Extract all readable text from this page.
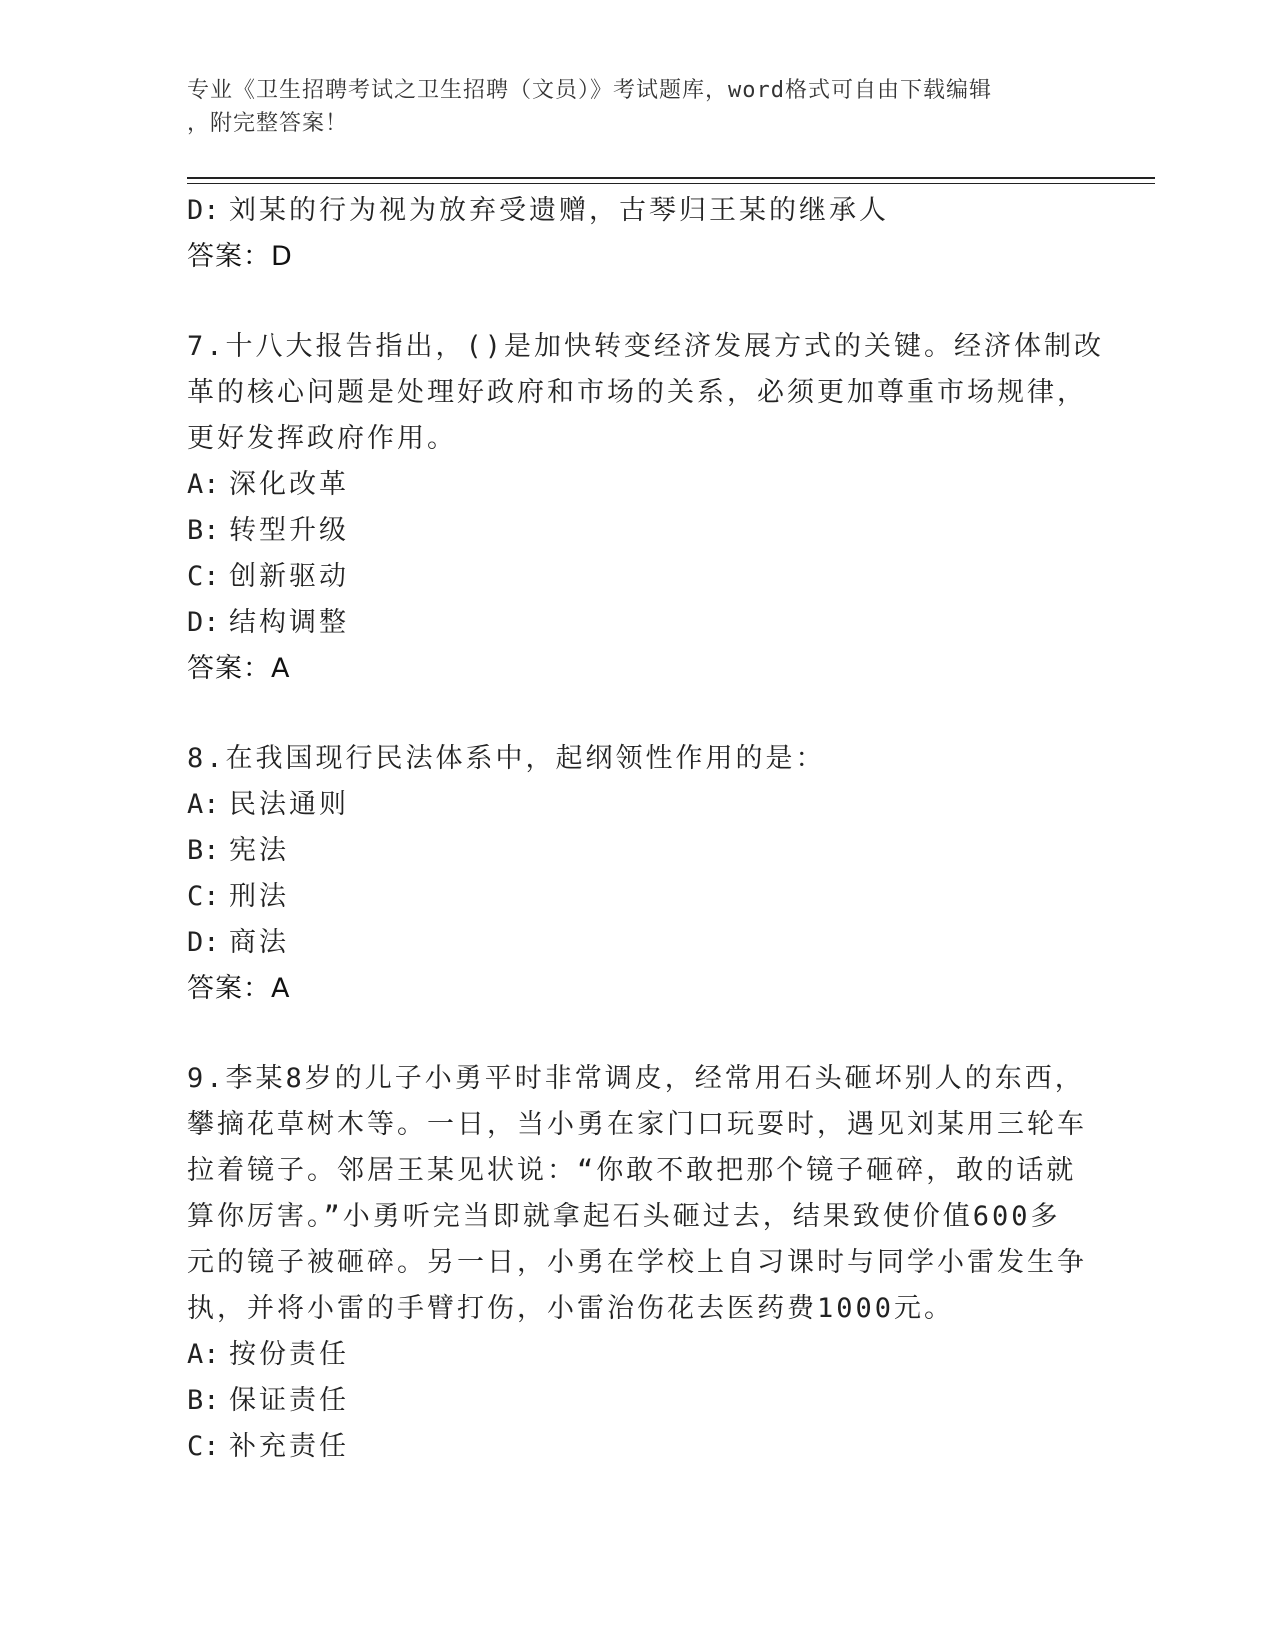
专业《卫生招聘考试之卫生招聘（文员）》考试题库，word格式可自由下载编辑
，附完整答案！
D: 刘某的行为视为放弃受遗赠，古琴归王某的继承人
答案：D
7.十八大报告指出，()是加快转变经济发展方式的关键。经济体制改
革的核心问题是处理好政府和市场的关系，必须更加尊重市场规律，
更好发挥政府作用。
A: 深化改革
B: 转型升级
C: 创新驱动
D: 结构调整
答案：A
8.在我国现行民法体系中，起纲领性作用的是：
A: 民法通则
B: 宪法
C: 刑法
D: 商法
答案：A
9.李某8岁的儿子小勇平时非常调皮，经常用石头砸坏别人的东西，
攀摘花草树木等。一日，当小勇在家门口玩耍时，遇见刘某用三轮车
拉着镜子。邻居王某见状说：“你敢不敢把那个镜子砸碎，敢的话就
算你厉害。”小勇听完当即就拿起石头砸过去，结果致使价值600多
元的镜子被砸碎。另一日，小勇在学校上自习课时与同学小雷发生争
执，并将小雷的手臂打伤，小雷治伤花去医药费1000元。
A: 按份责任
B: 保证责任
C: 补充责任
